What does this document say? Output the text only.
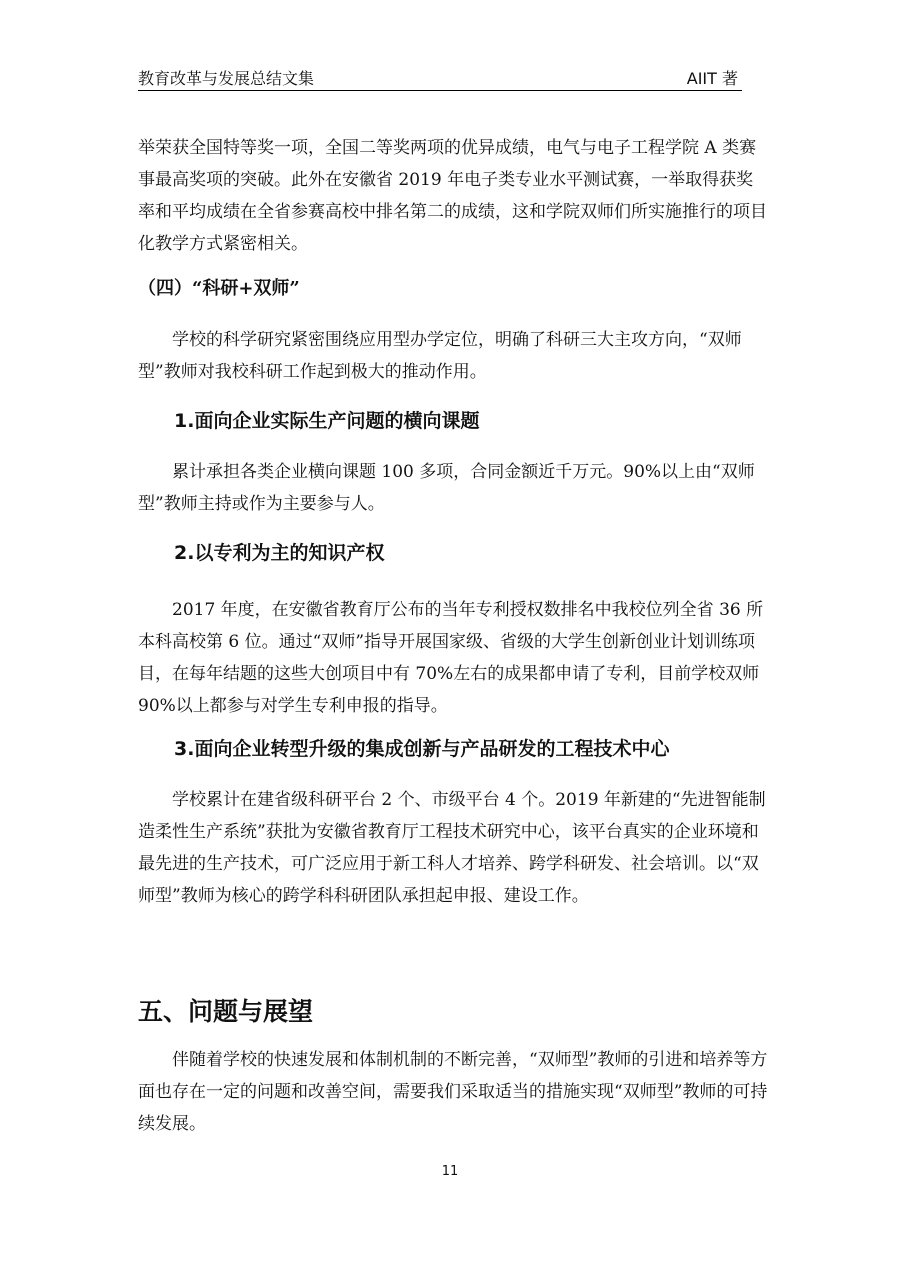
教育改革与发展总结文集	AIIT 著

举荣获全国特等奖一项，全国二等奖两项的优异成绩，电气与电子工程学院 A 类赛事最高奖项的突破。此外在安徽省 2019 年电子类专业水平测试赛，一举取得获奖率和平均成绩在全省参赛高校中排名第二的成绩，这和学院双师们所实施推行的项目化教学方式紧密相关。

（四）“科研+双师”

学校的科学研究紧密围绕应用型办学定位，明确了科研三大主攻方向，“双师型”教师对我校科研工作起到极大的推动作用。

1.面向企业实际生产问题的横向课题

累计承担各类企业横向课题 100 多项，合同金额近千万元。90%以上由“双师型”教师主持或作为主要参与人。

2.以专利为主的知识产权

2017 年度，在安徽省教育厅公布的当年专利授权数排名中我校位列全省 36 所本科高校第 6 位。通过“双师”指导开展国家级、省级的大学生创新创业计划训练项目，在每年结题的这些大创项目中有 70%左右的成果都申请了专利，目前学校双师 90%以上都参与对学生专利申报的指导。

3.面向企业转型升级的集成创新与产品研发的工程技术中心

学校累计在建省级科研平台 2 个、市级平台 4 个。2019 年新建的“先进智能制造柔性生产系统”获批为安徽省教育厅工程技术研究中心，该平台真实的企业环境和最先进的生产技术，可广泛应用于新工科人才培养、跨学科研发、社会培训。以“双师型”教师为核心的跨学科科研团队承担起申报、建设工作。

五、问题与展望

伴随着学校的快速发展和体制机制的不断完善，“双师型”教师的引进和培养等方面也存在一定的问题和改善空间，需要我们采取适当的措施实现“双师型”教师的可持续发展。

11
